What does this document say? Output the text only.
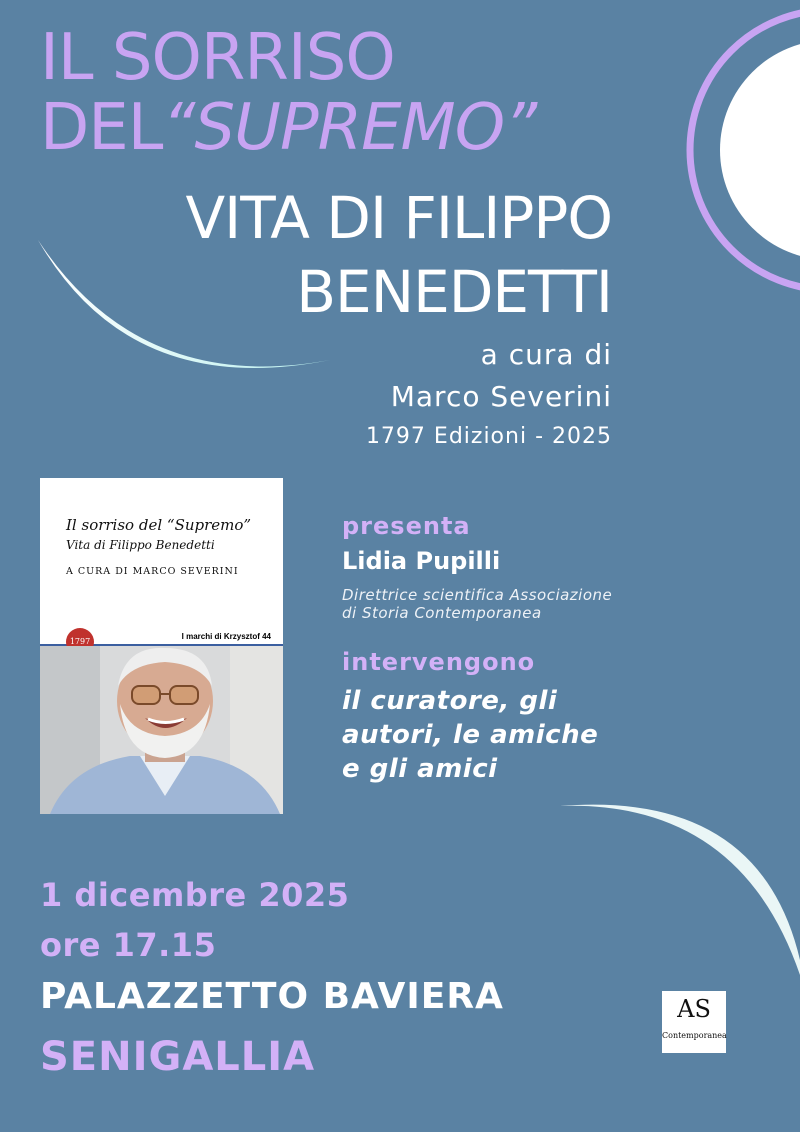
IL SORRISO
DEL“SUPREMO”
VITA DI FILIPPO
BENEDETTI
a cura di
Marco Severini
1797 Edizioni - 2025
Il sorriso del “Supremo”
Vita di Filippo Benedetti
A CURA DI MARCO SEVERINI
I marchi di Krzysztof 44
1797
presenta
Lidia Pupilli
Direttrice scientifica Associazione
di Storia Contemporanea
intervengono
il curatore, gli
autori, le amiche
e gli amici
1 dicembre 2025
ore 17.15
PALAZZETTO BAVIERA
SENIGALLIA
AS
Contemporanea
